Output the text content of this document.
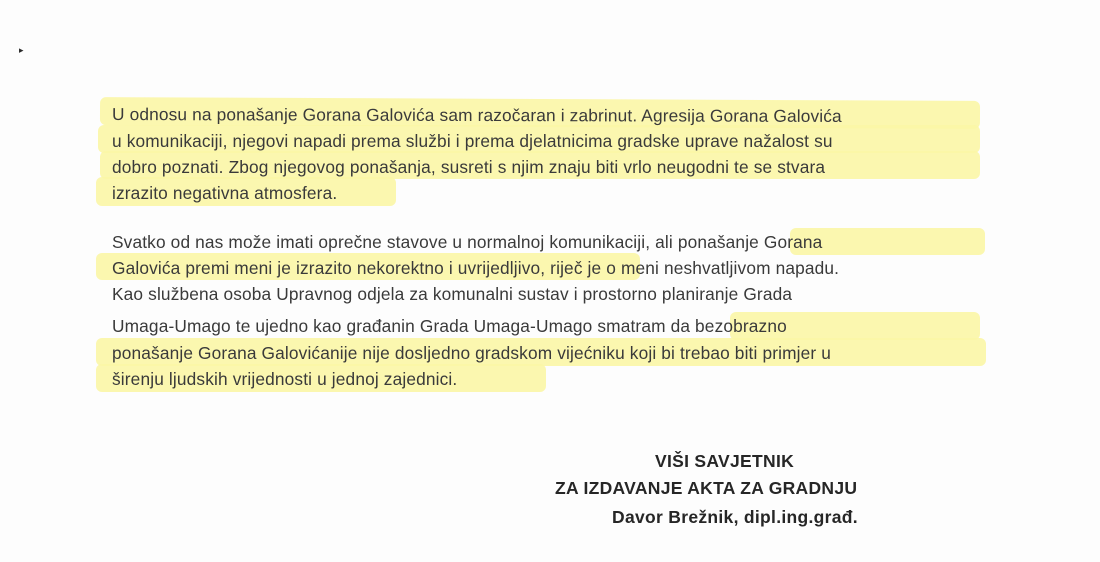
▸
U odnosu na ponašanje Gorana Galovića sam razočaran i zabrinut. Agresija Gorana Galovića
u komunikaciji, njegovi napadi prema službi i prema djelatnicima gradske uprave nažalost su
dobro poznati. Zbog njegovog ponašanja, susreti s njim znaju biti vrlo neugodni te se stvara
izrazito negativna atmosfera.
Svatko od nas može imati oprečne stavove u normalnoj komunikaciji, ali ponašanje Gorana
Galovića premi meni je izrazito nekorektno i uvrijedljivo, riječ je o meni neshvatljivom napadu.
Kao službena osoba Upravnog odjela za komunalni sustav i prostorno planiranje Grada
Umaga-Umago te ujedno kao građanin Grada Umaga-Umago smatram da bezobrazno
ponašanje Gorana Galovićanije nije dosljedno gradskom vijećniku koji bi trebao biti primjer u
širenju ljudskih vrijednosti u jednoj zajednici.
VIŠI SAVJETNIK
ZA IZDAVANJE AKTA ZA GRADNJU
Davor Brežnik, dipl.ing.građ.
